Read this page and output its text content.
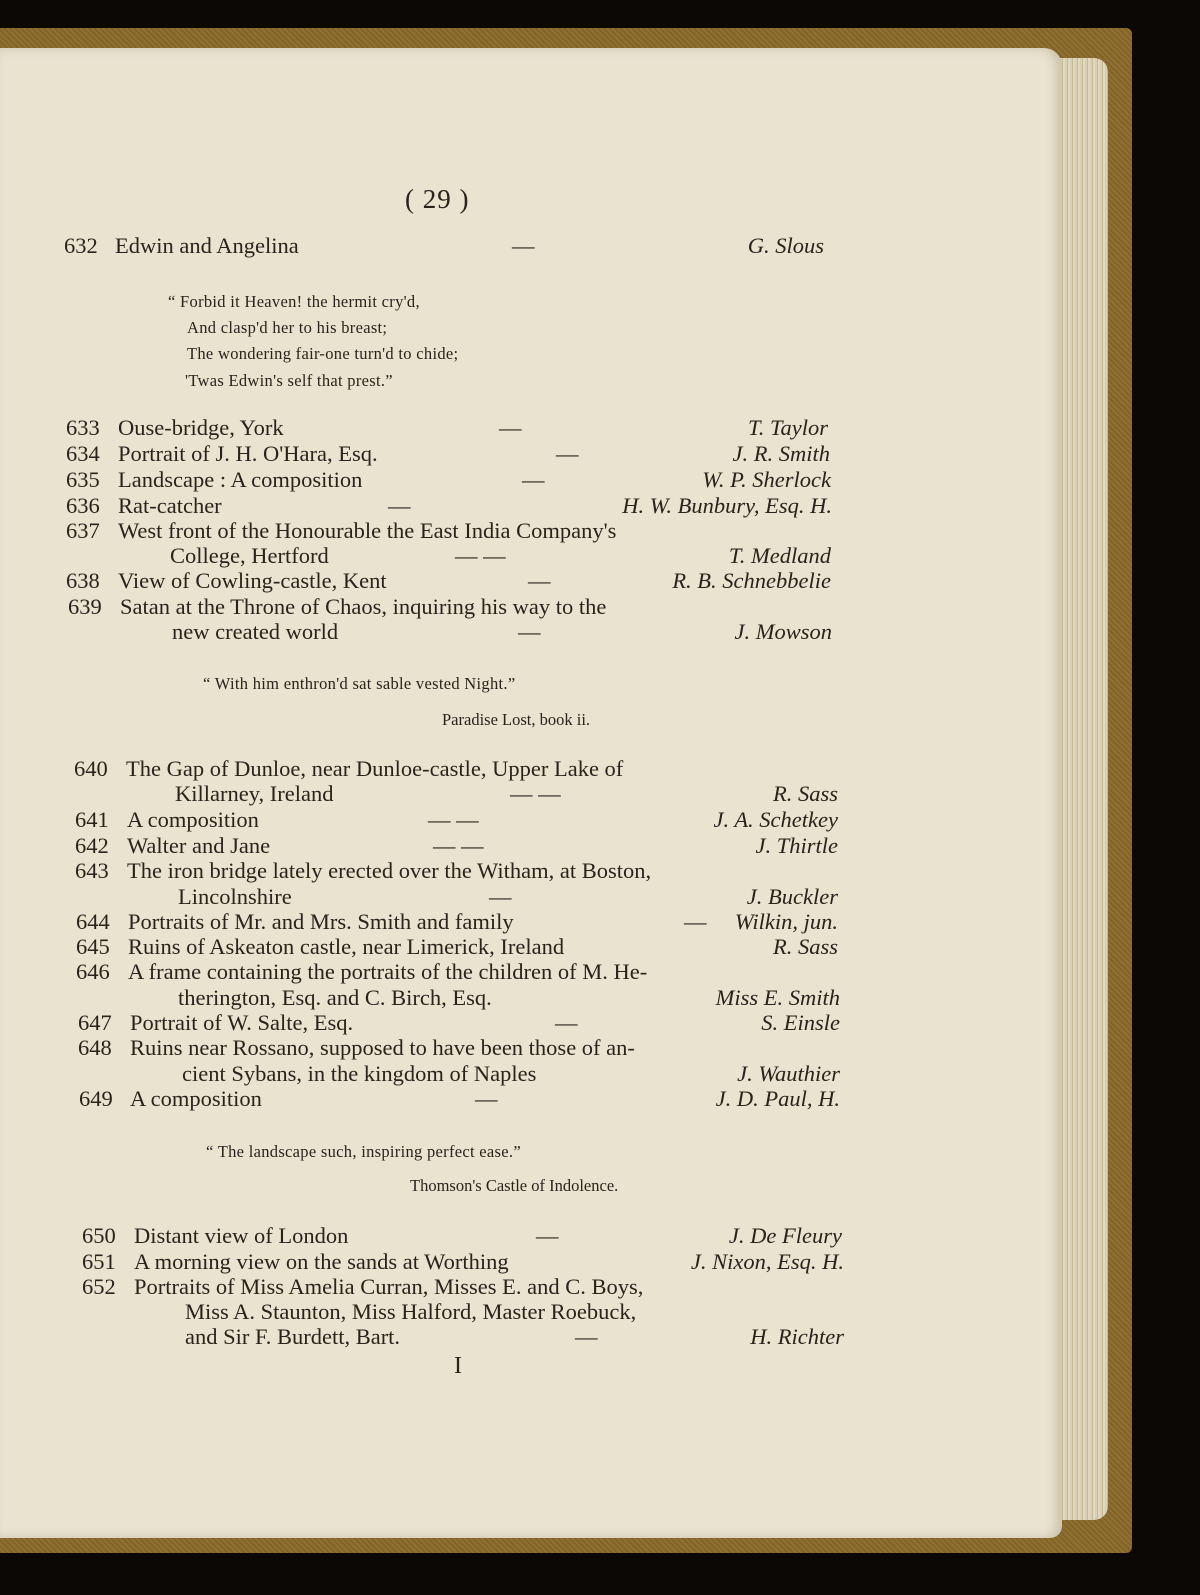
( 29 )
632 Edwin and Angelina	—	G. Slous
“ Forbid it Heaven! the hermit cry'd,
And clasp'd her to his breast;
The wondering fair-one turn'd to chide;
'Twas Edwin's self that prest.”
633 Ouse-bridge, York	—	T. Taylor
634 Portrait of J. H. O'Hara, Esq.	—	J. R. Smith
635 Landscape : A composition	—	W. P. Sherlock
636 Rat-catcher	—	H. W. Bunbury, Esq. H.
637 West front of the Honourable the East India Company's
College, Hertford	— —	T. Medland
638 View of Cowling-castle, Kent	—	R. B. Schnebbelie
639 Satan at the Throne of Chaos, inquiring his way to the
new created world	—	J. Mowson
“ With him enthron'd sat sable vested Night.”
Paradise Lost, book ii.
640 The Gap of Dunloe, near Dunloe-castle, Upper Lake of
Killarney, Ireland	— —	R. Sass
641 A composition	— —	J. A. Schetkey
642 Walter and Jane	— —	J. Thirtle
643 The iron bridge lately erected over the Witham, at Boston,
Lincolnshire	—	J. Buckler
644 Portraits of Mr. and Mrs. Smith and family	— Wilkin, jun.
645 Ruins of Askeaton castle, near Limerick, Ireland	R. Sass
646 A frame containing the portraits of the children of M. He-
therington, Esq. and C. Birch, Esq.	Miss E. Smith
647 Portrait of W. Salte, Esq.	—	S. Einsle
648 Ruins near Rossano, supposed to have been those of an-
cient Sybans, in the kingdom of Naples	J. Wauthier
649 A composition	—	J. D. Paul, H.
“ The landscape such, inspiring perfect ease.”
Thomson's Castle of Indolence.
650 Distant view of London	—	J. De Fleury
651 A morning view on the sands at Worthing	J. Nixon, Esq. H.
652 Portraits of Miss Amelia Curran, Misses E. and C. Boys,
Miss A. Staunton, Miss Halford, Master Roebuck,
and Sir F. Burdett, Bart.	—	H. Richter
I
